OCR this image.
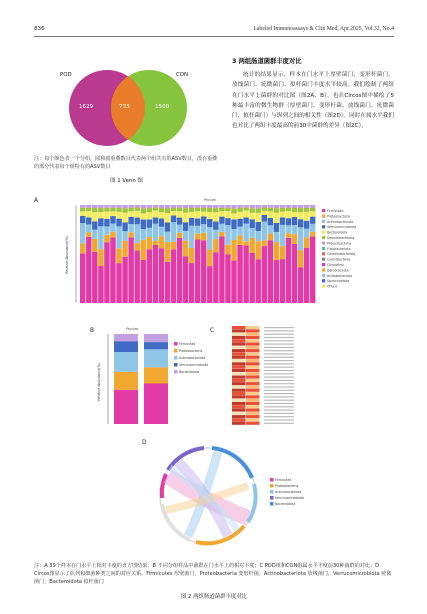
836	Labeled Immunoassays & Clin Med, Apr.2025, Vol.32, No.4
POD	CON
1629	733	1500
注：每个颜色表一个分组，圆和圆重叠数目代表两个组共有的ASV数目，没有重叠的部分代表每个组特有的ASV数目
图 1 Venn 图
3 两组肠道菌群丰度对比
统计的结果显示，样本在门水平上厚壁菌门、变形杆菌门、放线菌门、疣微菌门、拟杆菌门丰度水平较高。我们绘制了两组在门水平上菌群的对比图（图2A、B），也在Circos图中描绘了5种最丰富的微生物群（厚壁菌门、变形杆菌、放线菌门、疣微菌门、拟杆菌门）与纵列之间的相关性（图2D）。同时在属水平我们也对比了两组丰度最高的前30中菌群的差异（图2C）。
A	Phylum
Relative Abundance(%)
Firmicutes
Proteobacteria
Actinobacteriota
Verrucomicrobiota
Bacteroidota
Desulfobacterota
Patescibacteria
Fusobacteriota
Campilobacterota
Cyanobacteria
Chloroflexi
Deinococcota
Acidobacteriota
Spirochaetota
Others
B	Phylum
Relative Abundance(%)
Firmicutes
Proteobacteria
Actinobacteriota
Verrucomicrobiota
Bacteroidota
C
D
Firmicutes
Proteobacteria
Actinobacteriota
Verrucomicrobiota
Bacteroidota
注：A 39个样本在门水平上相对丰度的直方图结果；B 不同分组样品中菌群在门水平上的相对丰度；C POD组和CON组属水平丰度前30种菌群的对比；D Circos图显示了队列和细菌种类之间的对应关系。Firmicutes 厚壁菌门，Proteobacteria 变形杆菌，Actinobacteriota 放线菌门，Verrucomicrobiota 疣微菌门，Bacteroidota 拟杆菌门
图 2 两组肠道菌群丰度对比
